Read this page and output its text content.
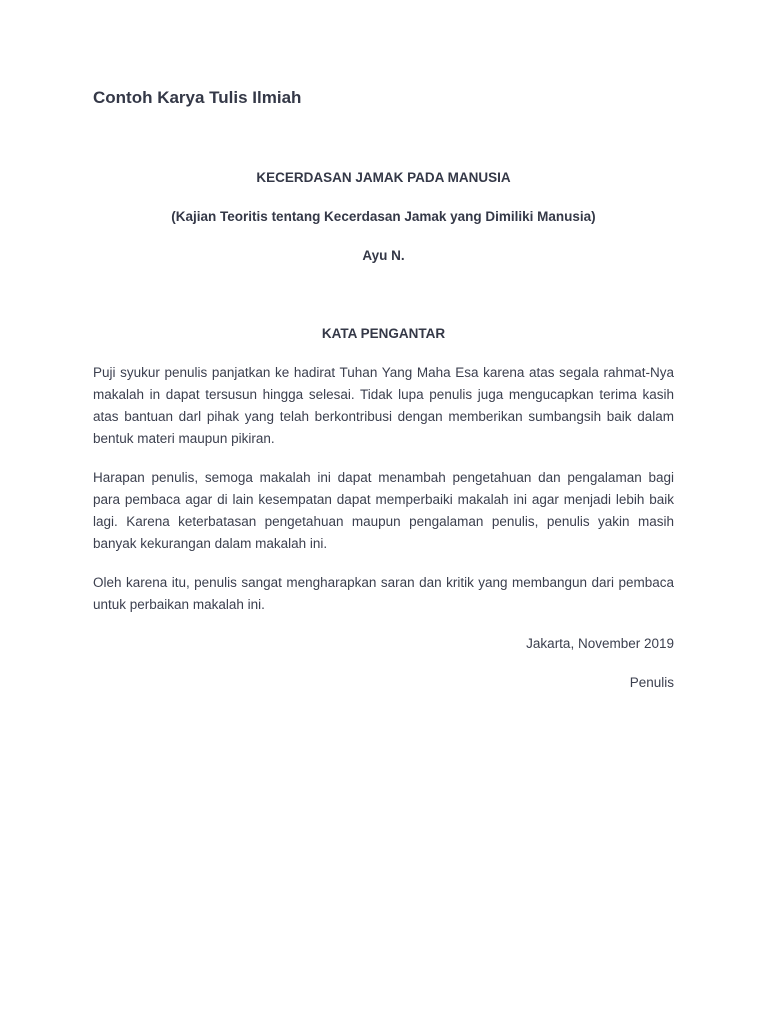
Contoh Karya Tulis Ilmiah

KECERDASAN JAMAK PADA MANUSIA

(Kajian Teoritis tentang Kecerdasan Jamak yang Dimiliki Manusia)

Ayu N.

KATA PENGANTAR

Puji syukur penulis panjatkan ke hadirat Tuhan Yang Maha Esa karena atas segala rahmat-Nya makalah in dapat tersusun hingga selesai. Tidak lupa penulis juga mengucapkan terima kasih atas bantuan darl pihak yang telah berkontribusi dengan memberikan sumbangsih baik dalam bentuk materi maupun pikiran.

Harapan penulis, semoga makalah ini dapat menambah pengetahuan dan pengalaman bagi para pembaca agar di lain kesempatan dapat memperbaiki makalah ini agar menjadi lebih baik lagi. Karena keterbatasan pengetahuan maupun pengalaman penulis, penulis yakin masih banyak kekurangan dalam makalah ini.

Oleh karena itu, penulis sangat mengharapkan saran dan kritik yang membangun dari pembaca untuk perbaikan makalah ini.

Jakarta, November 2019

Penulis
